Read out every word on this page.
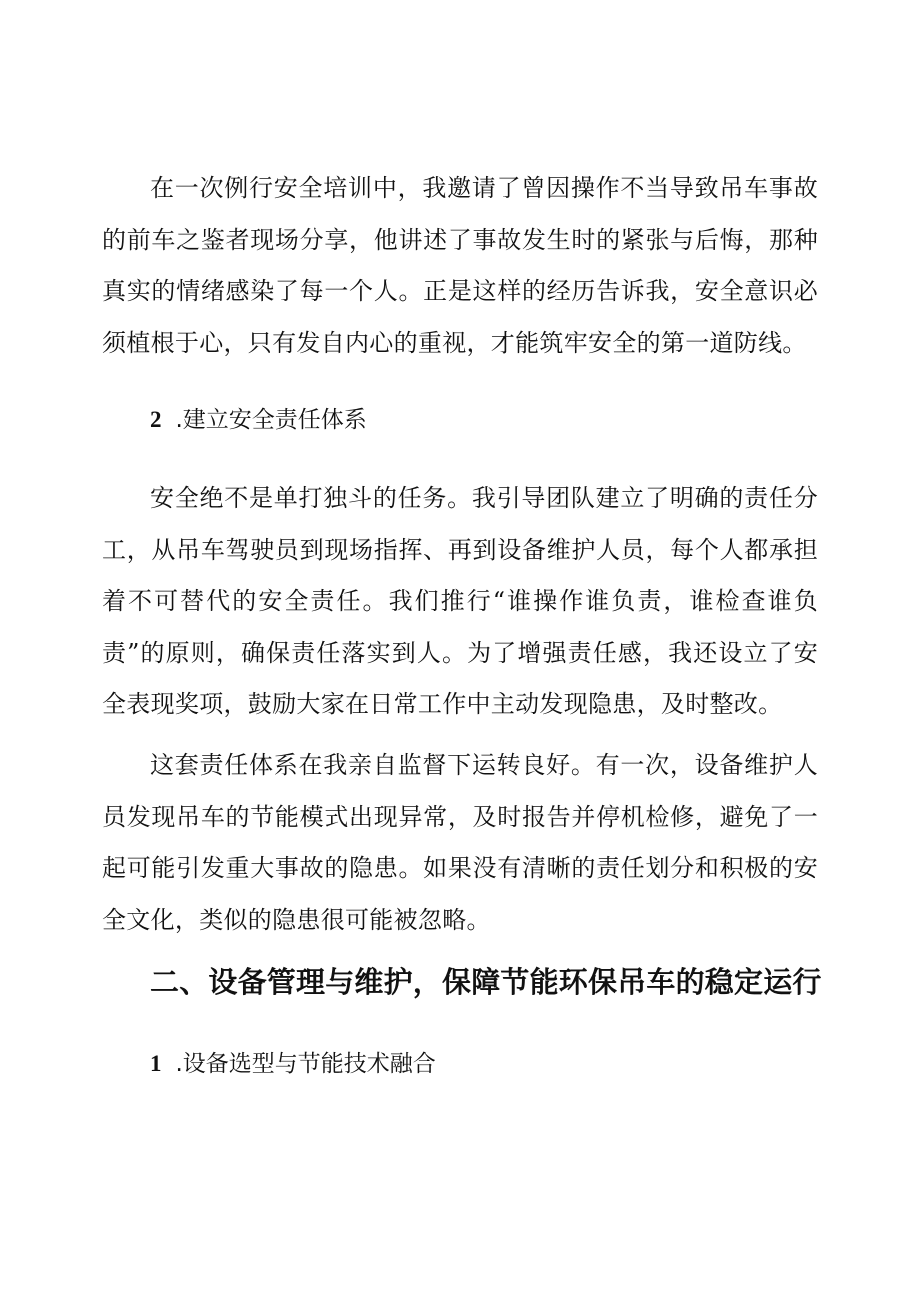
在一次例行安全培训中，我邀请了曾因操作不当导致吊车事故的前车之鉴者现场分享，他讲述了事故发生时的紧张与后悔，那种真实的情绪感染了每一个人。正是这样的经历告诉我，安全意识必须植根于心，只有发自内心的重视，才能筑牢安全的第一道防线。

2 .建立安全责任体系

安全绝不是单打独斗的任务。我引导团队建立了明确的责任分工，从吊车驾驶员到现场指挥、再到设备维护人员，每个人都承担着不可替代的安全责任。我们推行“谁操作谁负责，谁检查谁负责”的原则，确保责任落实到人。为了增强责任感，我还设立了安全表现奖项，鼓励大家在日常工作中主动发现隐患，及时整改。

这套责任体系在我亲自监督下运转良好。有一次，设备维护人员发现吊车的节能模式出现异常，及时报告并停机检修，避免了一起可能引发重大事故的隐患。如果没有清晰的责任划分和积极的安全文化，类似的隐患很可能被忽略。

二、设备管理与维护，保障节能环保吊车的稳定运行
1 .设备选型与节能技术融合
